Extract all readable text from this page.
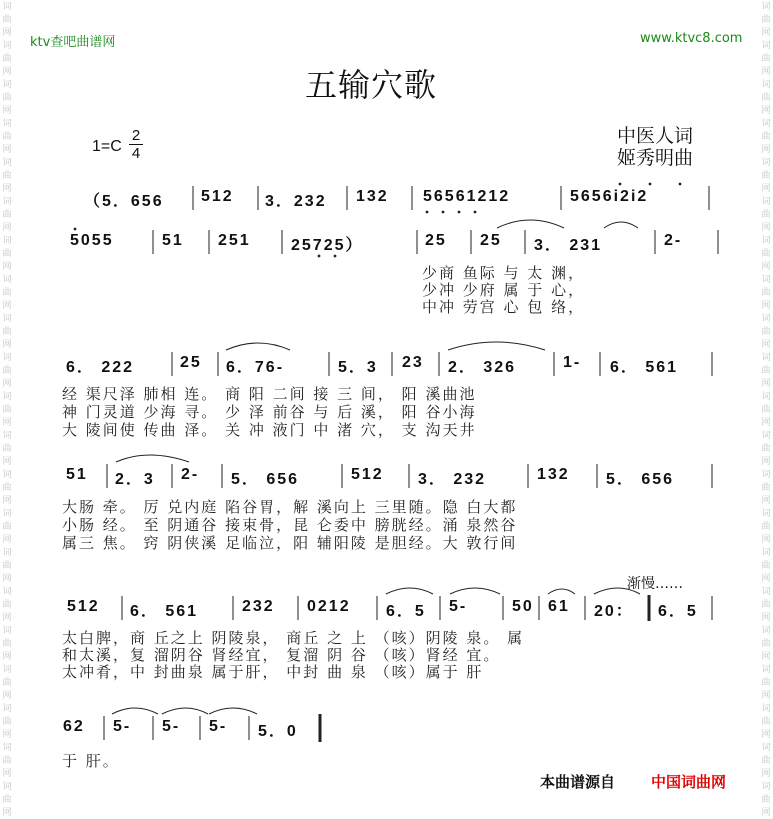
词
曲
网
词
曲
网
词
曲
网
词
曲
网
词
曲
网
词
曲
网
词
曲
网
词
曲
网
词
曲
网
词
曲
网
词
曲
网
词
曲
网
词
曲
网
词
曲
网
词
曲
网
词
曲
网
词
曲
网
词
曲
网
词
曲
网
词
曲
网
词
曲
网
词
曲
网
词
曲
网
词
曲
网
词
曲
网
词
曲
网
词
曲
网
词
曲
网
词
曲
网
词
曲
网
词
曲
网
词
曲
网
词
曲
网
词
曲
网
词
曲
网
词
曲
网
词
曲
网
词
曲
网
词
曲
网
词
曲
网
词
曲
网
词
曲
网
ktv查吧曲谱网	www.ktvc8.com
五输穴歌
1=C
2
4
中医人词
姬秀明曲
（5．656 512 3．232 132 56561212	5656i2i2
5055	51 251	25725）	25 25 3． 231	2-
少商 鱼际 与 太 渊，
少冲 少府 属 于 心，
中冲 劳宫 心 包 络，
6． 222	25 6．76-	5．3 23 2． 326	1- 6． 561
经 渠尺泽 肺相 连。 商 阳 二间 接 三 间， 阳 溪曲池
神 门灵道 少海 寻。 少 泽 前谷 与 后 溪， 阳 谷小海
大 陵间使 传曲 泽。 关 冲 液门 中 渚 穴， 支 沟天井
51 2．3 2- 5． 656	512 3． 232	132 5． 656
大肠 牵。 厉 兑内庭 陷谷胃，解 溪向上 三里随。隐 白大都
小肠 经。 至 阴通谷 接束骨，昆 仑委中 膀胱经。涌 泉然谷
属三 焦。 窍 阴侠溪 足临泣，阳 辅阳陵 是胆经。大 敦行间
渐慢……
512 6． 561	232 0212 6．5 5-	50 61 20： 6．5
太白脾，商 丘之上 阴陵泉， 商丘 之 上 （咳）阴陵 泉。 属
和太溪，复 溜阴谷 肾经宜， 复溜 阴 谷 （咳）肾经 宜。
太冲肴，中 封曲泉 属于肝， 中封 曲 泉 （咳）属于 肝
62 5- 5- 5- 5．0
于 肝。
本曲谱源自 中国词曲网
